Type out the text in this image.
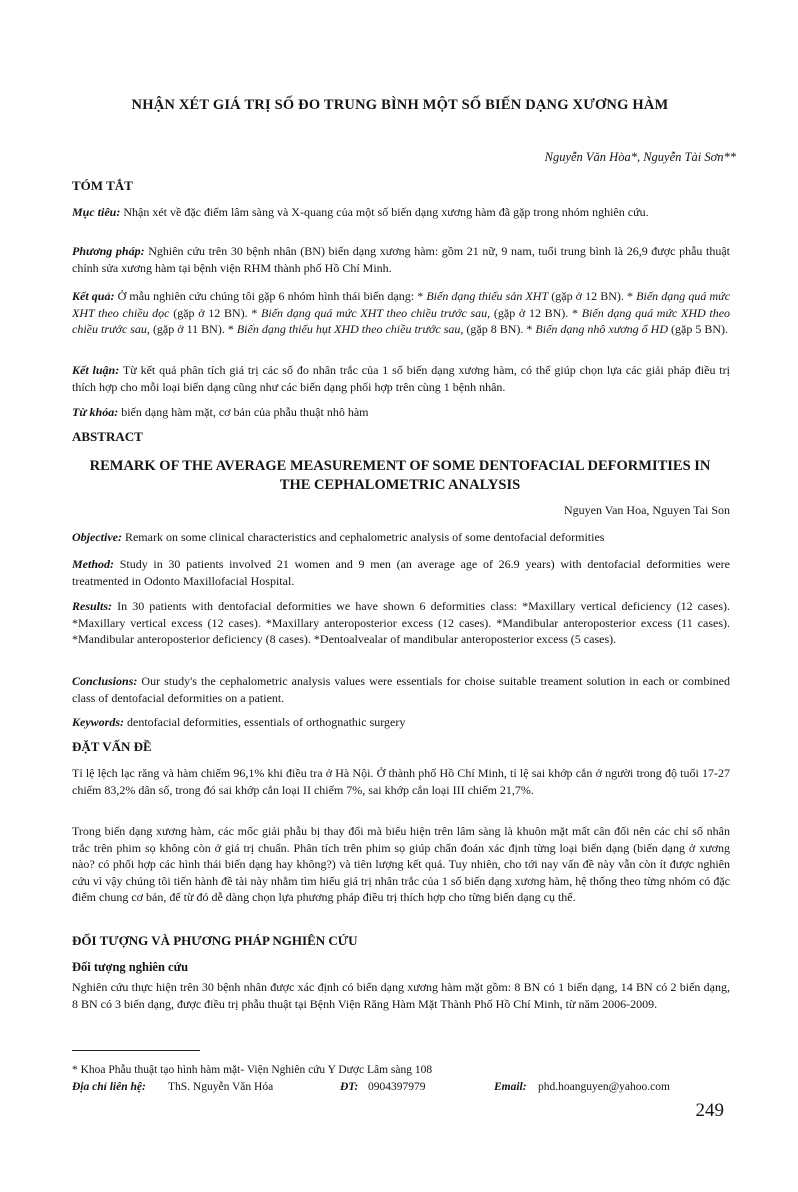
NHẬN XÉT GIÁ TRỊ SỐ ĐO TRUNG BÌNH MỘT SỐ BIẾN DẠNG XƯƠNG HÀM
Nguyễn Văn Hòa*, Nguyễn Tài Sơn**
TÓM TẮT
Mục tiêu: Nhận xét về đặc điểm lâm sàng và X-quang của một số biến dạng xương hàm đã gặp trong nhóm nghiên cứu.
Phương pháp: Nghiên cứu trên 30 bệnh nhân (BN) biến dạng xương hàm: gồm 21 nữ, 9 nam, tuổi trung bình là 26,9 được phẫu thuật chỉnh sửa xương hàm tại bệnh viện RHM thành phố Hồ Chí Minh.
Kết quả: Ở mẫu nghiên cứu chúng tôi gặp 6 nhóm hình thái biến dạng: * Biến dạng thiểu sản XHT (gặp ở 12 BN). * Biến dạng quá mức XHT theo chiều dọc (gặp ở 12 BN). * Biến dạng quá mức XHT theo chiều trước sau, (gặp ở 12 BN). * Biến dạng quá mức XHD theo chiều trước sau, (gặp ở 11 BN). * Biến dạng thiểu hụt XHD theo chiều trước sau, (gặp 8 BN). * Biến dạng nhô xương ổ HD (gặp 5 BN).
Kết luận: Từ kết quả phân tích giá trị các số đo nhân trắc của 1 số biến dạng xương hàm, có thể giúp chọn lựa các giải pháp điều trị thích hợp cho mỗi loại biến dạng cũng như các biến dạng phối hợp trên cùng 1 bệnh nhân.
Từ khóa: biến dạng hàm mặt, cơ bản của phẫu thuật nhô hàm
ABSTRACT
REMARK OF THE AVERAGE MEASUREMENT OF SOME DENTOFACIAL DEFORMITIES IN THE CEPHALOMETRIC ANALYSIS
Nguyen Van Hoa, Nguyen Tai Son
Objective: Remark on some clinical characteristics and cephalometric analysis of some dentofacial deformities
Method: Study in 30 patients involved 21 women and 9 men (an average age of 26.9 years) with dentofacial deformities were treatmented in Odonto Maxillofacial Hospital.
Results: In 30 patients with dentofacial deformities we have shown 6 deformities class: *Maxillary vertical deficiency (12 cases). *Maxillary vertical excess (12 cases). *Maxillary anteroposterior excess (12 cases). *Mandibular anteroposterior excess (11 cases). *Mandibular anteroposterior deficiency (8 cases). *Dentoalvealar of mandibular anteroposterior excess (5 cases).
Conclusions: Our study's the cephalometric analysis values were essentials for choise suitable treament solution in each or combined class of dentofacial deformities on a patient.
Keywords: dentofacial deformities, essentials of orthognathic surgery
ĐẶT VẤN ĐỀ
Tỉ lệ lệch lạc răng và hàm chiếm 96,1% khi điều tra ở Hà Nội. Ở thành phố Hồ Chí Minh, tỉ lệ sai khớp cắn ở người trong độ tuổi 17-27 chiếm 83,2% dân số, trong đó sai khớp cắn loại II chiếm 7%, sai khớp cắn loại III chiếm 21,7%.
Trong biến dạng xương hàm, các mốc giải phẫu bị thay đổi mà biểu hiện trên lâm sàng là khuôn mặt mất cân đối nên các chỉ số nhân trắc trên phim sọ không còn ở giá trị chuẩn. Phân tích trên phim sọ giúp chẩn đoán xác định từng loại biến dạng (biến dạng ở xương nào? có phối hợp các hình thái biến dạng hay không?) và tiên lượng kết quả. Tuy nhiên, cho tới nay vấn đề này vẫn còn ít được nghiên cứu vì vậy chúng tôi tiến hành đề tài này nhằm tìm hiểu giá trị nhân trắc của 1 số biến dạng xương hàm, hệ thống theo từng nhóm có đặc điểm chung cơ bản, để từ đó dễ dàng chọn lựa phương pháp điều trị thích hợp cho từng biến dạng cụ thể.
ĐỐI TƯỢNG VÀ PHƯƠNG PHÁP NGHIÊN CỨU
Đối tượng nghiên cứu
Nghiên cứu thực hiện trên 30 bệnh nhân được xác định có biến dạng xương hàm mặt gồm: 8 BN có 1 biến dạng, 14 BN có 2 biến dạng, 8 BN có 3 biến dạng, được điều trị phẫu thuật tại Bệnh Viện Răng Hàm Mặt Thành Phố Hồ Chí Minh, từ năm 2006-2009.
* Khoa Phẫu thuật tạo hình hàm mặt- Viện Nghiên cứu Y Dược Lâm sàng 108
Địa chỉ liên hệ: ThS. Nguyễn Văn Hóa	ĐT: 0904397979	Email: phd.hoanguyen@yahoo.com
249
